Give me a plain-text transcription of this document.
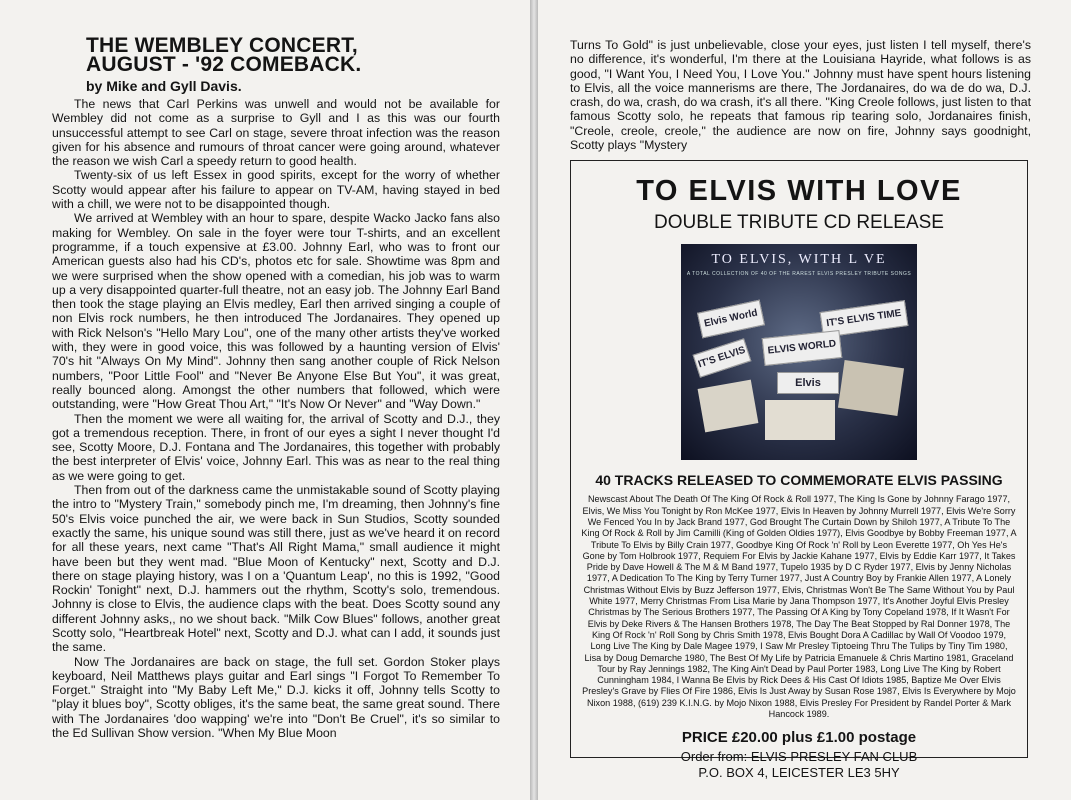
THE WEMBLEY CONCERT,
AUGUST - '92 COMEBACK.
by Mike and Gyll Davis.

The news that Carl Perkins was unwell and would not be available for Wembley did not come as a surprise to Gyll and I as this was our fourth unsuccessful attempt to see Carl on stage, severe throat infection was the reason given for his absence and rumours of throat cancer were going around, whatever the reason we wish Carl a speedy return to good health.

Twenty-six of us left Essex in good spirits, except for the worry of whether Scotty would appear after his failure to appear on TV-AM, having stayed in bed with a chill, we were not to be disappointed though.

We arrived at Wembley with an hour to spare, despite Wacko Jacko fans also making for Wembley. On sale in the foyer were tour T-shirts, and an excellent programme, if a touch expensive at £3.00. Johnny Earl, who was to front our American guests also had his CD's, photos etc for sale. Showtime was 8pm and we were surprised when the show opened with a comedian, his job was to warm up a very disappointed quarter-full theatre, not an easy job. The Johnny Earl Band then took the stage playing an Elvis medley, Earl then arrived singing a couple of non Elvis rock numbers, he then introduced The Jordanaires. They opened up with Rick Nelson's "Hello Mary Lou", one of the many other artists they've worked with, they were in good voice, this was followed by a haunting version of Elvis' 70's hit "Always On My Mind". Johnny then sang another couple of Rick Nelson numbers, "Poor Little Fool" and "Never Be Anyone Else But You", it was great, really bounced along. Amongst the other numbers that followed, which were outstanding, were "How Great Thou Art," "It's Now Or Never" and "Way Down."

Then the moment we were all waiting for, the arrival of Scotty and D.J., they got a tremendous reception. There, in front of our eyes a sight I never thought I'd see, Scotty Moore, D.J. Fontana and The Jordanaires, this together with probably the best interpreter of Elvis' voice, Johnny Earl. This was as near to the real thing as we were going to get.

Then from out of the darkness came the unmistakable sound of Scotty playing the intro to "Mystery Train," somebody pinch me, I'm dreaming, then Johnny's fine 50's Elvis voice punched the air, we were back in Sun Studios, Scotty sounded exactly the same, his unique sound was still there, just as we've heard it on record for all these years, next came "That's All Right Mama," small audience it might have been but they went mad. "Blue Moon of Kentucky" next, Scotty and D.J. there on stage playing history, was I on a 'Quantum Leap', no this is 1992, "Good Rockin' Tonight" next, D.J. hammers out the rhythm, Scotty's solo, tremendous. Johnny is close to Elvis, the audience claps with the beat. Does Scotty sound any different Johnny asks,, no we shout back. "Milk Cow Blues" follows, another great Scotty solo, "Heartbreak Hotel" next, Scotty and D.J. what can I add, it sounds just the same.

Now The Jordanaires are back on stage, the full set. Gordon Stoker plays keyboard, Neil Matthews plays guitar and Earl sings "I Forgot To Remember To Forget." Straight into "My Baby Left Me," D.J. kicks it off, Johnny tells Scotty to "play it blues boy", Scotty obliges, it's the same beat, the same great sound. There with The Jordanaires 'doo wapping' we're into "Don't Be Cruel", it's so similar to the Ed Sullivan Show version. "When My Blue Moon

Turns To Gold" is just unbelievable, close your eyes, just listen I tell myself, there's no difference, it's wonderful, I'm there at the Louisiana Hayride, what follows is as good, "I Want You, I Need You, I Love You." Johnny must have spent hours listening to Elvis, all the voice mannerisms are there, The Jordanaires, do wa de do wa, D.J. crash, do wa, crash, do wa crash, it's all there. "King Creole follows, just listen to that famous Scotty solo, he repeats that famous rip tearing solo, Jordanaires finish, "Creole, creole, creole," the audience are now on fire, Johnny says goodnight, Scotty plays "Mystery

TO ELVIS WITH LOVE
DOUBLE TRIBUTE CD RELEASE
TO ELVIS, WITH L VE
A TOTAL COLLECTION OF 40 OF THE RAREST ELVIS PRESLEY TRIBUTE SONGS
Elvis World	IT'S ELVIS TIME
IT'S ELVIS	ELVIS WORLD
Elvis
40 TRACKS RELEASED TO COMMEMORATE ELVIS PASSING
Newscast About The Death Of The King Of Rock & Roll 1977, The King Is Gone by Johnny Farago 1977, Elvis, We Miss You Tonight by Ron McKee 1977, Elvis In Heaven by Johnny Murrell 1977, Elvis We're Sorry We Fenced You In by Jack Brand 1977, God Brought The Curtain Down by Shiloh 1977, A Tribute To The King Of Rock & Roll by Jim Camilli (King of Golden Oldies 1977), Elvis Goodbye by Bobby Freeman 1977, A Tribute To Elvis by Billy Crain 1977, Goodbye King Of Rock 'n' Roll by Leon Everette 1977, Oh Yes He's Gone by Tom Holbrook 1977, Requiem For Elvis by Jackie Kahane 1977, Elvis by Eddie Karr 1977, It Takes Pride by Dave Howell & The M & M Band 1977, Tupelo 1935 by D C Ryder 1977, Elvis by Jenny Nicholas 1977, A Dedication To The King by Terry Turner 1977, Just A Country Boy by Frankie Allen 1977, A Lonely Christmas Without Elvis by Buzz Jefferson 1977, Elvis, Christmas Won't Be The Same Without You by Paul White 1977, Merry Christmas From Lisa Marie by Jana Thompson 1977, It's Another Joyful Elvis Presley Christmas by The Serious Brothers 1977, The Passing Of A King by Tony Copeland 1978, If It Wasn't For Elvis by Deke Rivers & The Hansen Brothers 1978, The Day The Beat Stopped by Ral Donner 1978, The King Of Rock 'n' Roll Song by Chris Smith 1978, Elvis Bought Dora A Cadillac by Wall Of Voodoo 1979, Long Live The King by Dale Magee 1979, I Saw Mr Presley Tiptoeing Thru The Tulips by Tiny Tim 1980, Lisa by Doug Demarche 1980, The Best Of My Life by Patricia Emanuele & Chris Martino 1981, Graceland Tour by Ray Jennings 1982, The King Ain't Dead by Paul Porter 1983, Long Live The King by Robert Cunningham 1984, I Wanna Be Elvis by Rick Dees & His Cast Of Idiots 1985, Baptize Me Over Elvis Presley's Grave by Flies Of Fire 1986, Elvis Is Just Away by Susan Rose 1987, Elvis Is Everywhere by Mojo Nixon 1988, (619) 239 K.I.N.G. by Mojo Nixon 1988, Elvis Presley For President by Randel Porter & Mark Hancock 1989.
PRICE £20.00 plus £1.00 postage
Order from: ELVIS PRESLEY FAN CLUB
P.O. BOX 4, LEICESTER LE3 5HY
